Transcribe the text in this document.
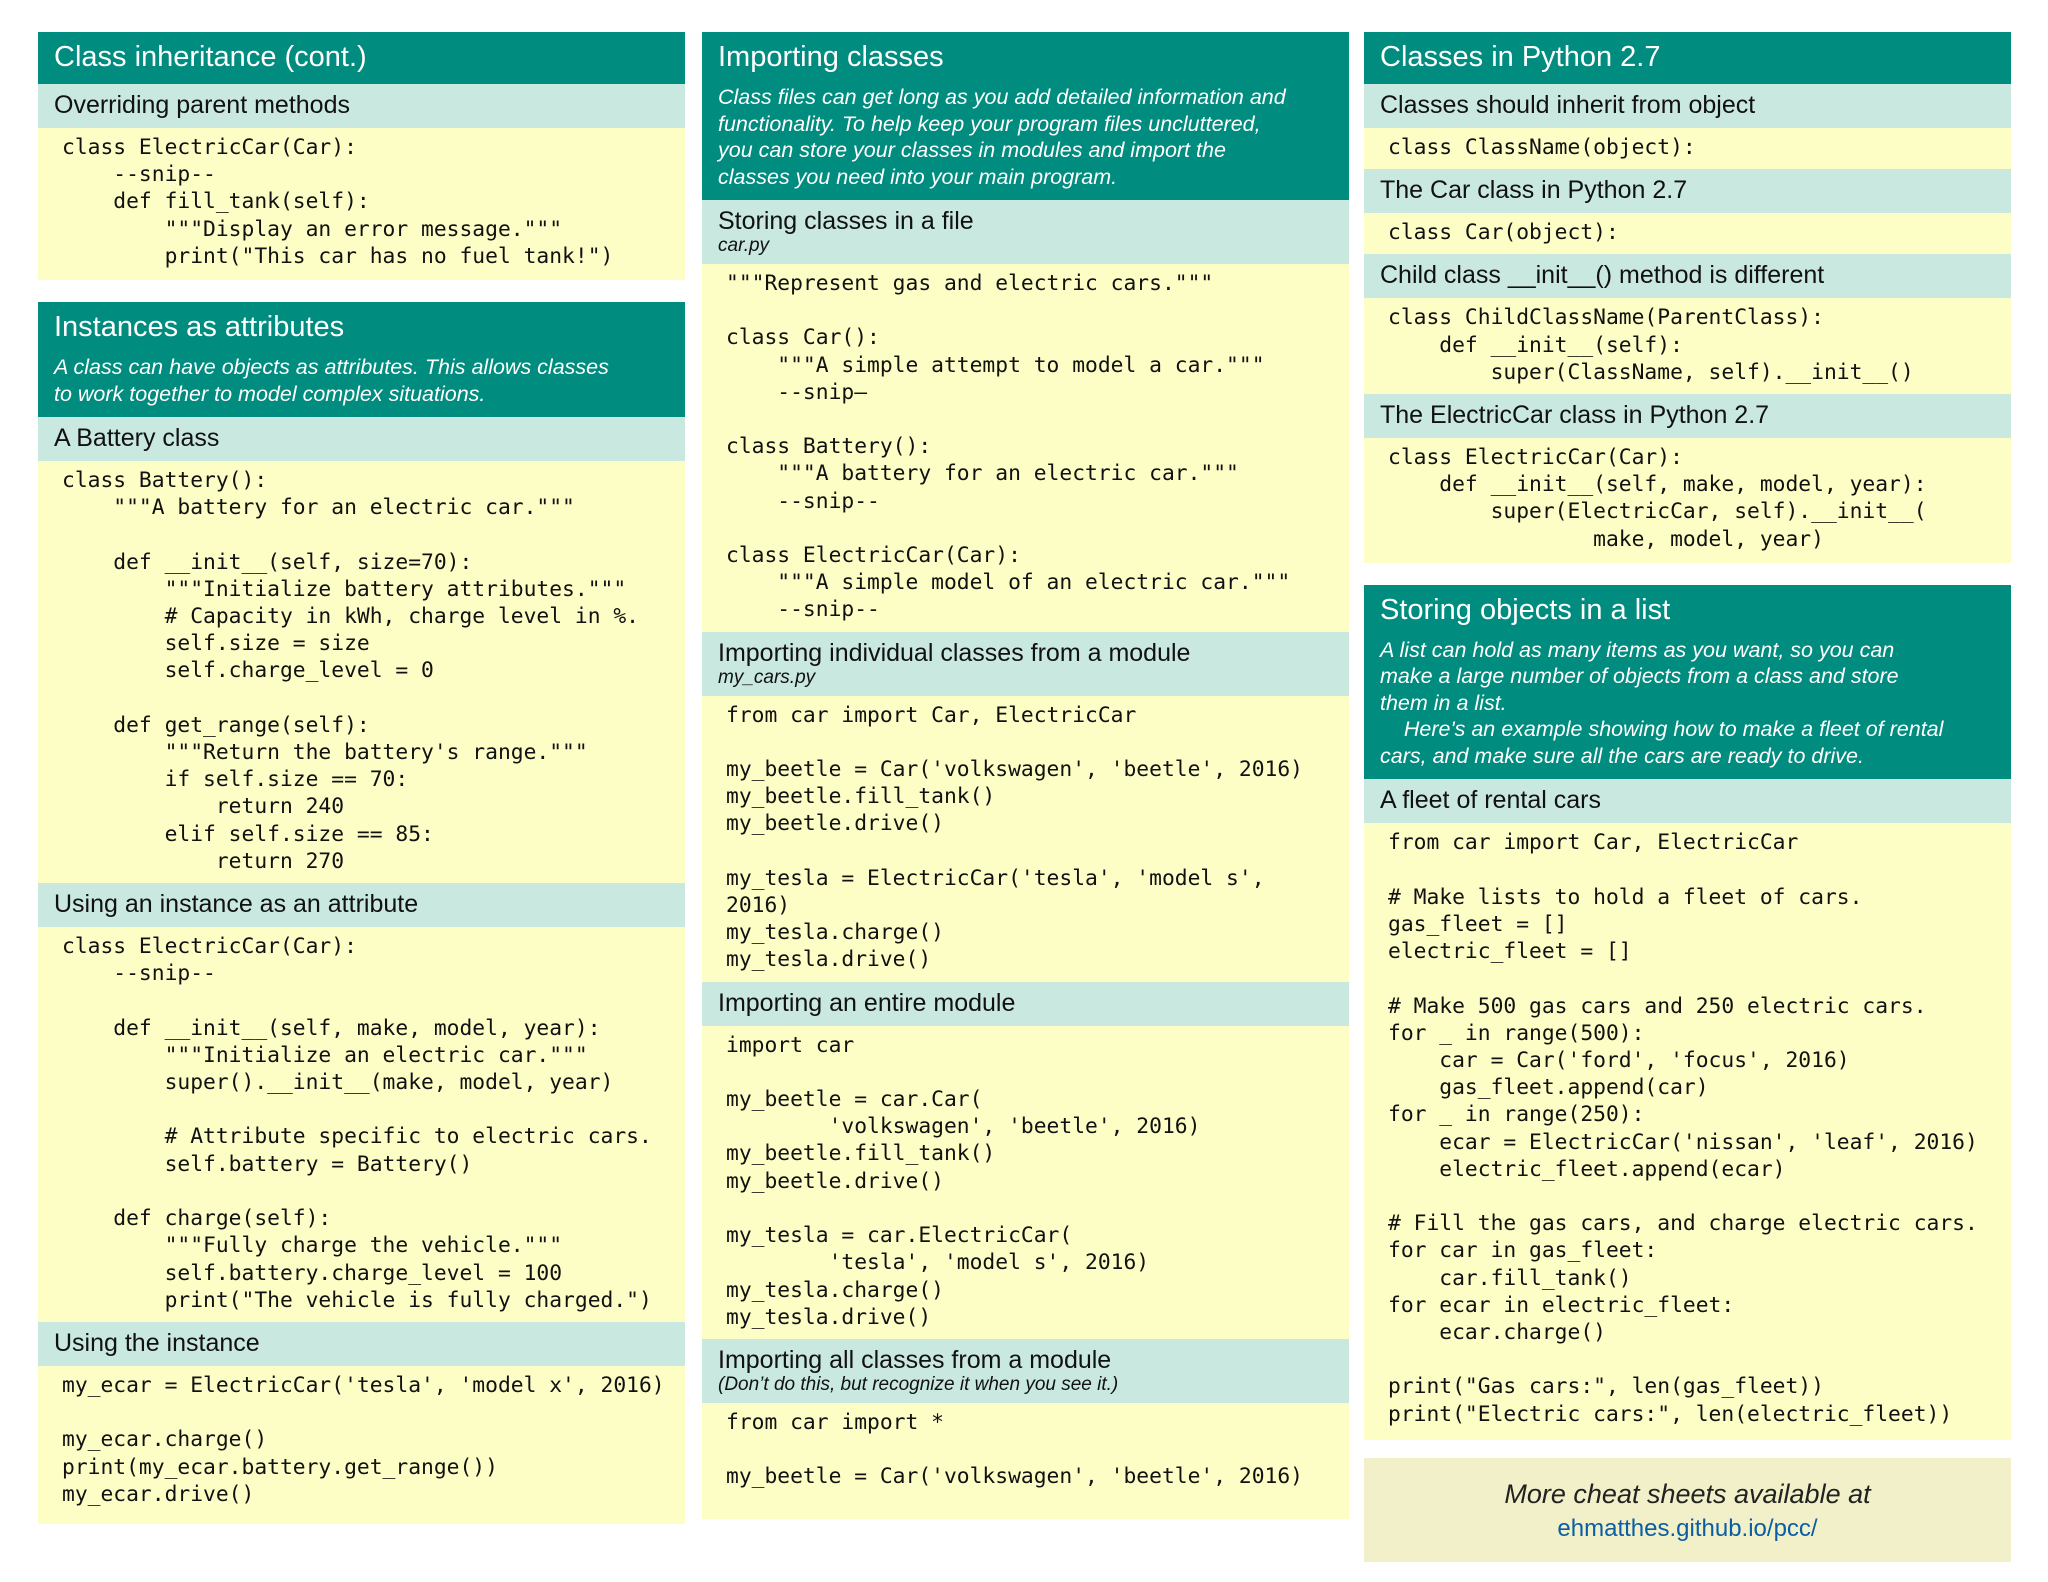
Class inheritance (cont.)
Overriding parent methods
class ElectricCar(Car):
--snip--
def fill_tank(self):
"""Display an error message."""
print("This car has no fuel tank!")
Instances as attributes
A class can have objects as attributes. This allows classes
to work together to model complex situations.
A Battery class
class Battery():
"""A battery for an electric car."""

def __init__(self, size=70):
"""Initialize battery attributes."""
# Capacity in kWh, charge level in %.
self.size = size
self.charge_level = 0

def get_range(self):
"""Return the battery's range."""
if self.size == 70:
return 240
elif self.size == 85:
return 270
Using an instance as an attribute
class ElectricCar(Car):
--snip--

def __init__(self, make, model, year):
"""Initialize an electric car."""
super().__init__(make, model, year)

# Attribute specific to electric cars.
self.battery = Battery()

def charge(self):
"""Fully charge the vehicle."""
self.battery.charge_level = 100
print("The vehicle is fully charged.")
Using the instance
my_ecar = ElectricCar('tesla', 'model x', 2016)

my_ecar.charge()
print(my_ecar.battery.get_range())
my_ecar.drive()
Importing classes
Class files can get long as you add detailed information and
functionality. To help keep your program files uncluttered,
you can store your classes in modules and import the
classes you need into your main program.
Storing classes in a file
car.py
"""Represent gas and electric cars."""

class Car():
"""A simple attempt to model a car."""
--snip—

class Battery():
"""A battery for an electric car."""
--snip--

class ElectricCar(Car):
"""A simple model of an electric car."""
--snip--
Importing individual classes from a module
my_cars.py
from car import Car, ElectricCar

my_beetle = Car('volkswagen', 'beetle', 2016)
my_beetle.fill_tank()
my_beetle.drive()

my_tesla = ElectricCar('tesla', 'model s',
2016)
my_tesla.charge()
my_tesla.drive()
Importing an entire module
import car

my_beetle = car.Car(
'volkswagen', 'beetle', 2016)
my_beetle.fill_tank()
my_beetle.drive()

my_tesla = car.ElectricCar(
'tesla', 'model s', 2016)
my_tesla.charge()
my_tesla.drive()
Importing all classes from a module
(Don’t do this, but recognize it when you see it.)
from car import *

my_beetle = Car('volkswagen', 'beetle', 2016)
Classes in Python 2.7
Classes should inherit from object
class ClassName(object):
The Car class in Python 2.7
class Car(object):
Child class __init__() method is different
class ChildClassName(ParentClass):
def __init__(self):
super(ClassName, self).__init__()
The ElectricCar class in Python 2.7
class ElectricCar(Car):
def __init__(self, make, model, year):
super(ElectricCar, self).__init__(
make, model, year)
Storing objects in a list
A list can hold as many items as you want, so you can
make a large number of objects from a class and store
them in a list.
Here's an example showing how to make a fleet of rental
cars, and make sure all the cars are ready to drive.
A fleet of rental cars
from car import Car, ElectricCar

# Make lists to hold a fleet of cars.
gas_fleet = []
electric_fleet = []

# Make 500 gas cars and 250 electric cars.
for _ in range(500):
car = Car('ford', 'focus', 2016)
gas_fleet.append(car)
for _ in range(250):
ecar = ElectricCar('nissan', 'leaf', 2016)
electric_fleet.append(ecar)

# Fill the gas cars, and charge electric cars.
for car in gas_fleet:
car.fill_tank()
for ecar in electric_fleet:
ecar.charge()

print("Gas cars:", len(gas_fleet))
print("Electric cars:", len(electric_fleet))
More cheat sheets available at
ehmatthes.github.io/pcc/
